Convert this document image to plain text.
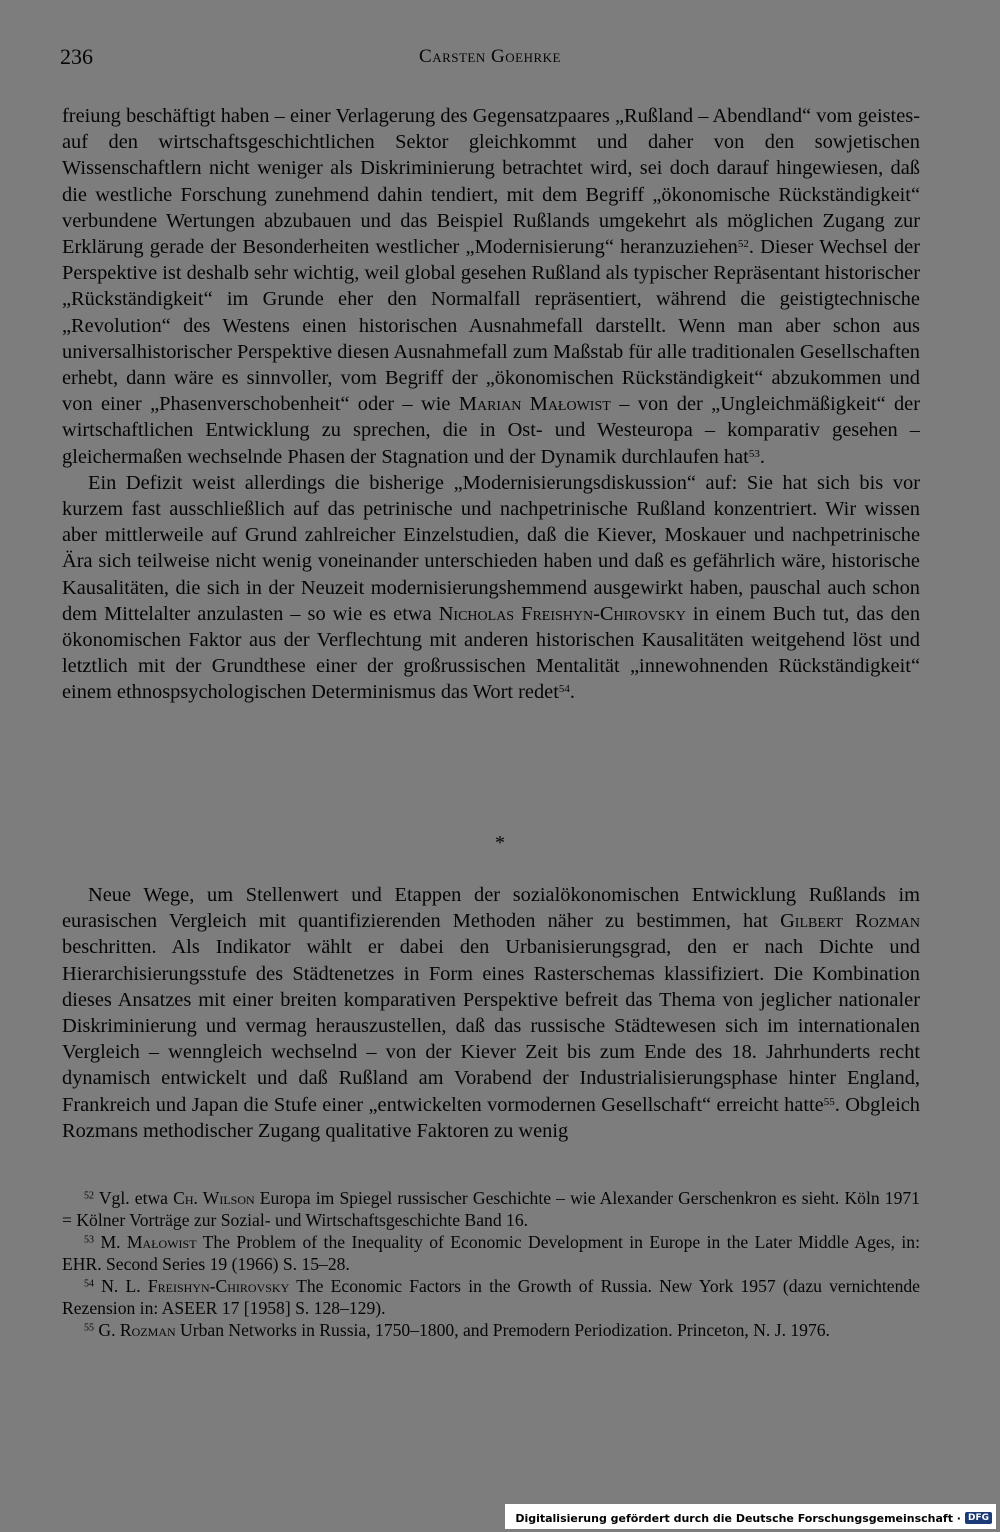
236	Carsten Goehrke

freiung beschäftigt haben – einer Verlagerung des Gegensatzpaares „Rußland – Abendland“ vom geistes- auf den wirtschaftsgeschichtlichen Sektor gleichkommt und daher von den sowjetischen Wissenschaftlern nicht weniger als Diskriminierung betrachtet wird, sei doch darauf hingewiesen, daß die westliche Forschung zunehmend dahin tendiert, mit dem Begriff „ökonomische Rückständigkeit“ verbundene Wertungen abzubauen und das Beispiel Rußlands umgekehrt als möglichen Zugang zur Erklärung gerade der Besonderheiten westlicher „Modernisierung“ heranzuziehen$^{52}$. Dieser Wechsel der Perspektive ist deshalb sehr wichtig, weil global gesehen Rußland als typischer Repräsentant historischer „Rückständigkeit“ im Grunde eher den Normalfall repräsentiert, während die geistigtechnische „Revolution“ des Westens einen historischen Ausnahmefall darstellt. Wenn man aber schon aus universalhistorischer Perspektive diesen Ausnahmefall zum Maßstab für alle traditionalen Gesellschaften erhebt, dann wäre es sinnvoller, vom Begriff der „ökonomischen Rückständigkeit“ abzukommen und von einer „Phasenverschobenheit“ oder – wie Marian Małowist – von der „Ungleichmäßigkeit“ der wirtschaftlichen Entwicklung zu sprechen, die in Ost- und Westeuropa – komparativ gesehen – gleichermaßen wechselnde Phasen der Stagnation und der Dynamik durchlaufen hat$^{53}$.

Ein Defizit weist allerdings die bisherige „Modernisierungsdiskussion“ auf: Sie hat sich bis vor kurzem fast ausschließlich auf das petrinische und nachpetrinische Rußland konzentriert. Wir wissen aber mittlerweile auf Grund zahlreicher Einzelstudien, daß die Kiever, Moskauer und nachpetrinische Ära sich teilweise nicht wenig voneinander unterschieden haben und daß es gefährlich wäre, historische Kausalitäten, die sich in der Neuzeit modernisierungshemmend ausgewirkt haben, pauschal auch schon dem Mittelalter anzulasten – so wie es etwa Nicholas Freishyn-Chirovsky in einem Buch tut, das den ökonomischen Faktor aus der Verflechtung mit anderen historischen Kausalitäten weitgehend löst und letztlich mit der Grundthese einer der großrussischen Mentalität „innewohnenden Rückständigkeit“ einem ethnospsychologischen Determinismus das Wort redet$^{54}$.

*

Neue Wege, um Stellenwert und Etappen der sozialökonomischen Entwicklung Rußlands im eurasischen Vergleich mit quantifizierenden Methoden näher zu bestimmen, hat Gilbert Rozman beschritten. Als Indikator wählt er dabei den Urbanisierungsgrad, den er nach Dichte und Hierarchisierungsstufe des Städtenetzes in Form eines Rasterschemas klassifiziert. Die Kombination dieses Ansatzes mit einer breiten komparativen Perspektive befreit das Thema von jeglicher nationaler Diskriminierung und vermag herauszustellen, daß das russische Städtewesen sich im internationalen Vergleich – wenngleich wechselnd – von der Kiever Zeit bis zum Ende des 18. Jahrhunderts recht dynamisch entwickelt und daß Rußland am Vorabend der Industrialisierungsphase hinter England, Frankreich und Japan die Stufe einer „entwickelten vormodernen Gesellschaft“ erreicht hatte$^{55}$. Obgleich Rozmans methodischer Zugang qualitative Faktoren zu wenig

$^{52}$ Vgl. etwa Ch. Wilson Europa im Spiegel russischer Geschichte – wie Alexander Gerschenkron es sieht. Köln 1971 = Kölner Vorträge zur Sozial- und Wirtschaftsgeschichte Band 16.

$^{53}$ M. Małowist The Problem of the Inequality of Economic Development in Europe in the Later Middle Ages, in: EHR. Second Series 19 (1966) S. 15–28.

$^{54}$ N. L. Freishyn-Chirovsky The Economic Factors in the Growth of Russia. New York 1957 (dazu vernichtende Rezension in: ASEER 17 [1958] S. 128–129).

$^{55}$ G. Rozman Urban Networks in Russia, 1750–1800, and Premodern Periodization. Princeton, N. J. 1976.

Digitalisierung gefördert durch die Deutsche Forschungsgemeinschaft · DFG
